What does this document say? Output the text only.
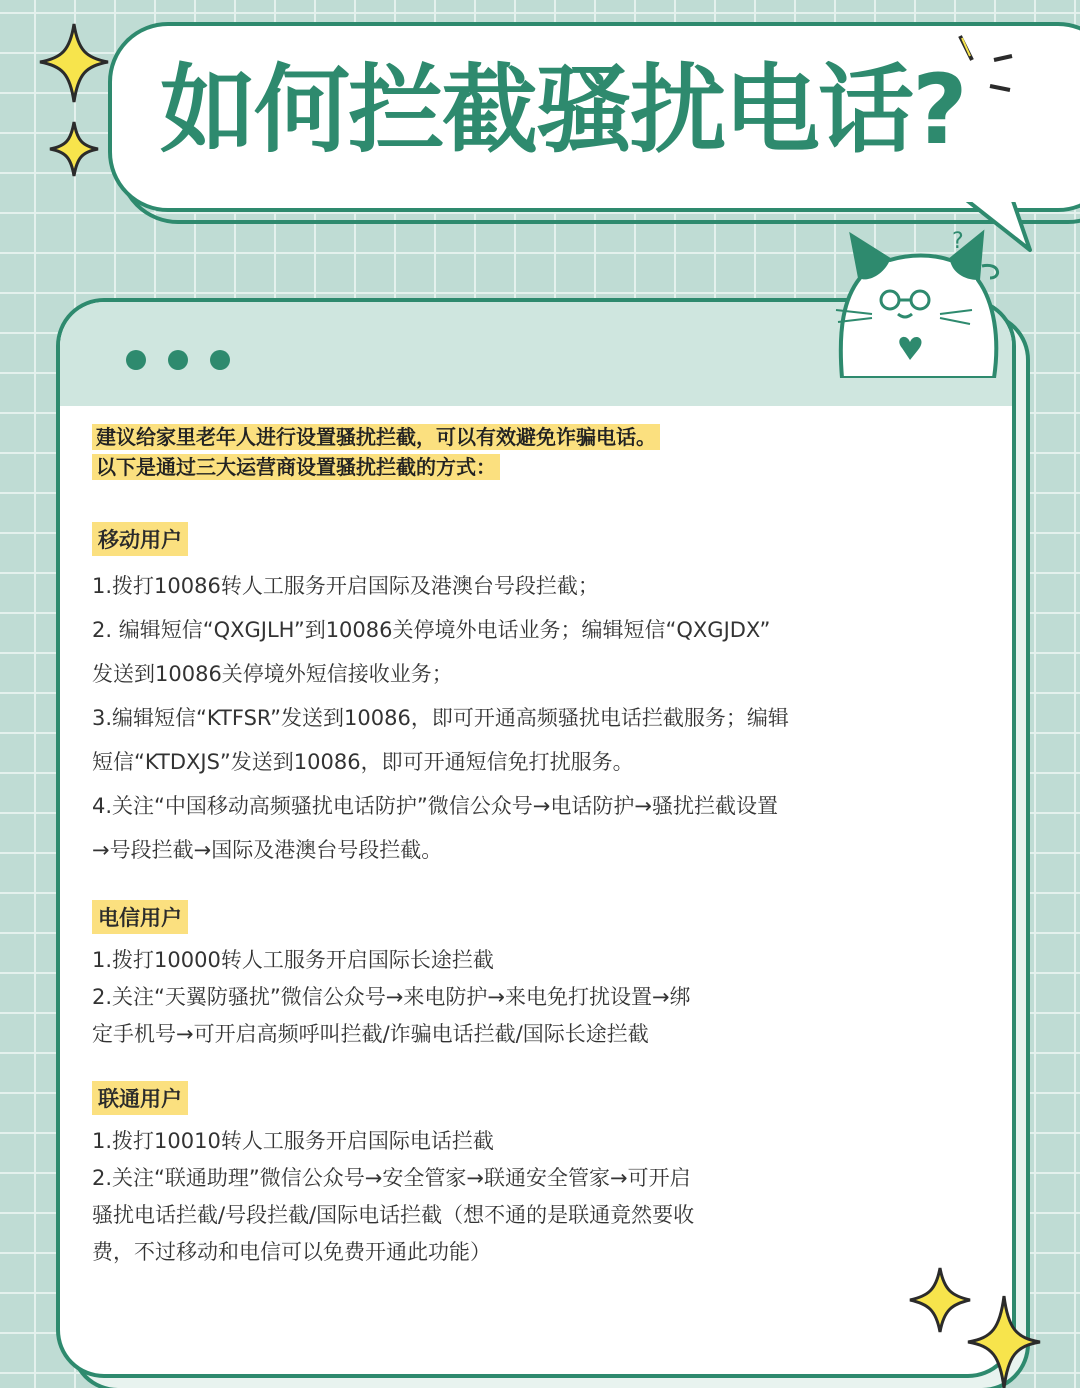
如何拦截骚扰电话?
? ?
建议给家里老年人进行设置骚扰拦截，可以有效避免诈骗电话。
以下是通过三大运营商设置骚扰拦截的方式：
移动用户
1.拨打10086转人工服务开启国际及港澳台号段拦截；
2. 编辑短信“QXGJLH”到10086关停境外电话业务；编辑短信“QXGJDX”
发送到10086关停境外短信接收业务；
3.编辑短信“KTFSR”发送到10086，即可开通高频骚扰电话拦截服务；编辑
短信“KTDXJS”发送到10086，即可开通短信免打扰服务。
4.关注“中国移动高频骚扰电话防护”微信公众号→电话防护→骚扰拦截设置
→号段拦截→国际及港澳台号段拦截。
电信用户
1.拨打10000转人工服务开启国际长途拦截
2.关注“天翼防骚扰”微信公众号→来电防护→来电免打扰设置→绑
定手机号→可开启高频呼叫拦截/诈骗电话拦截/国际长途拦截
联通用户
1.拨打10010转人工服务开启国际电话拦截
2.关注“联通助理”微信公众号→安全管家→联通安全管家→可开启
骚扰电话拦截/号段拦截/国际电话拦截（想不通的是联通竟然要收
费，不过移动和电信可以免费开通此功能）
